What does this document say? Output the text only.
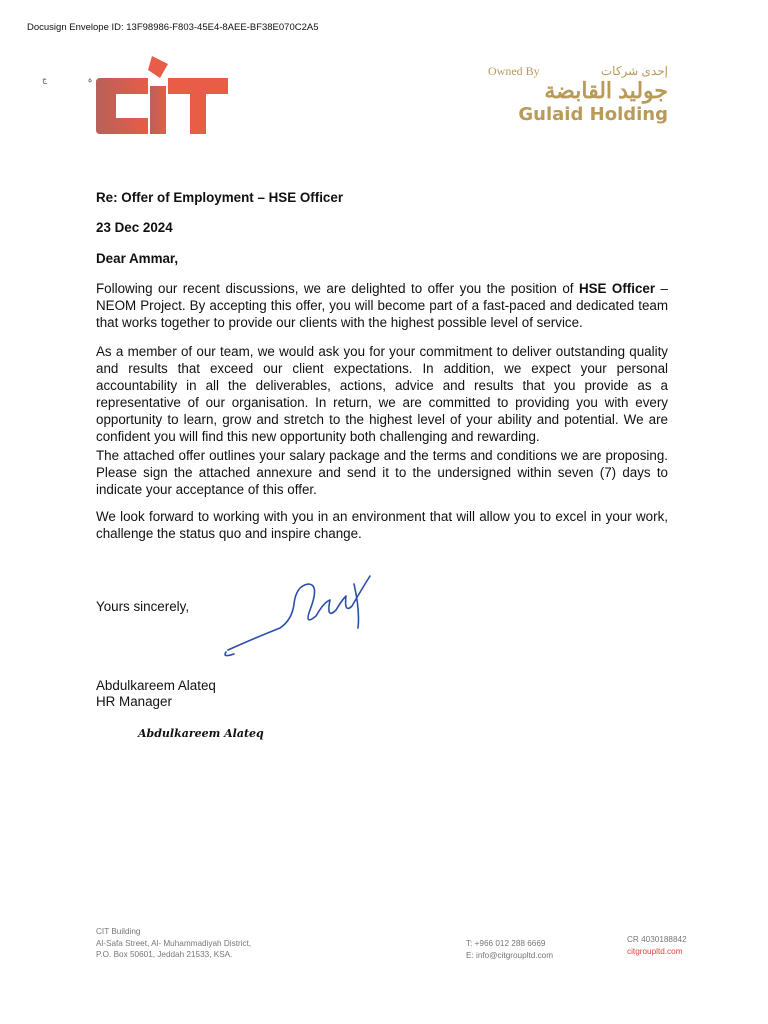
Docusign Envelope ID: 13F98986-F803-45E4-8AEE-BF38E070C2A5
ج	ة
Owned By	إحدى شركات
جوليد القابضة
Gulaid Holding
Re: Offer of Employment – HSE Officer
23 Dec 2024
Dear Ammar,
Following our recent discussions, we are delighted to offer you the position of HSE Officer – NEOM Project. By accepting this offer, you will become part of a fast-paced and dedicated team that works together to provide our clients with the highest possible level of service.
As a member of our team, we would ask you for your commitment to deliver outstanding quality and results that exceed our client expectations. In addition, we expect your personal accountability in all the deliverables, actions, advice and results that you provide as a representative of our organisation. In return, we are committed to providing you with every opportunity to learn, grow and stretch to the highest level of your ability and potential. We are confident you will find this new opportunity both challenging and rewarding.
The attached offer outlines your salary package and the terms and conditions we are proposing. Please sign the attached annexure and send it to the undersigned within seven (7) days to indicate your acceptance of this offer.
We look forward to working with you in an environment that will allow you to excel in your work, challenge the status quo and inspire change.
Yours sincerely,
Abdulkareem Alateq
HR Manager
Abdulkareem Alateq
CIT Building
Al-Safa Street, Al- Muhammadiyah District,
P.O. Box 50601, Jeddah 21533, KSA.
T: +966 012 288 6669
E: info@citgroupltd.com
CR 4030188842
citgroupltd.com
